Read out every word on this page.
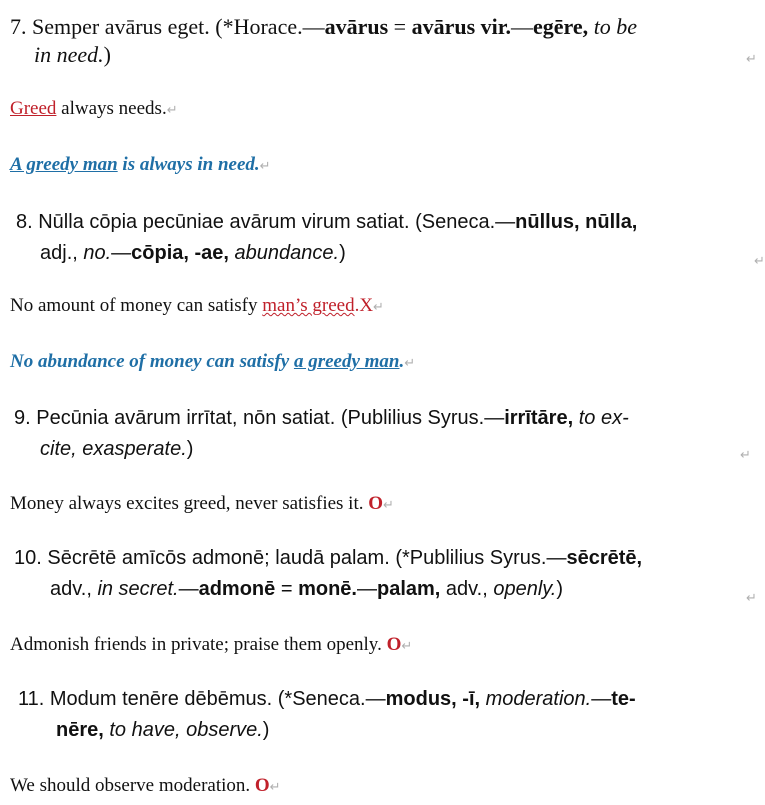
7. Semper avārus eget. (*Horace.—avārus = avārus vir.—egēre, to be
in need.)	↵
Greed always needs.↵
A greedy man is always in need.↵
8. Nūlla cōpia pecūniae avārum virum satiat. (Seneca.—nūllus, nūlla,
adj., no.—cōpia, -ae, abundance.)	↵
No amount of money can satisfy man’s greed.X↵
No abundance of money can satisfy a greedy man.↵
9. Pecūnia avārum irrītat, nōn satiat. (Publilius Syrus.—irrītāre, to ex-
cite, exasperate.)	↵
Money always excites greed, never satisfies it. O↵
10. Sēcrētē amīcōs admonē; laudā palam. (*Publilius Syrus.—sēcrētē,
adv., in secret.—admonē = monē.—palam, adv., openly.)	↵
Admonish friends in private; praise them openly. O↵
11. Modum tenēre dēbēmus. (*Seneca.—modus, -ī, moderation.—te-
nēre, to have, observe.)
We should observe moderation. O↵
